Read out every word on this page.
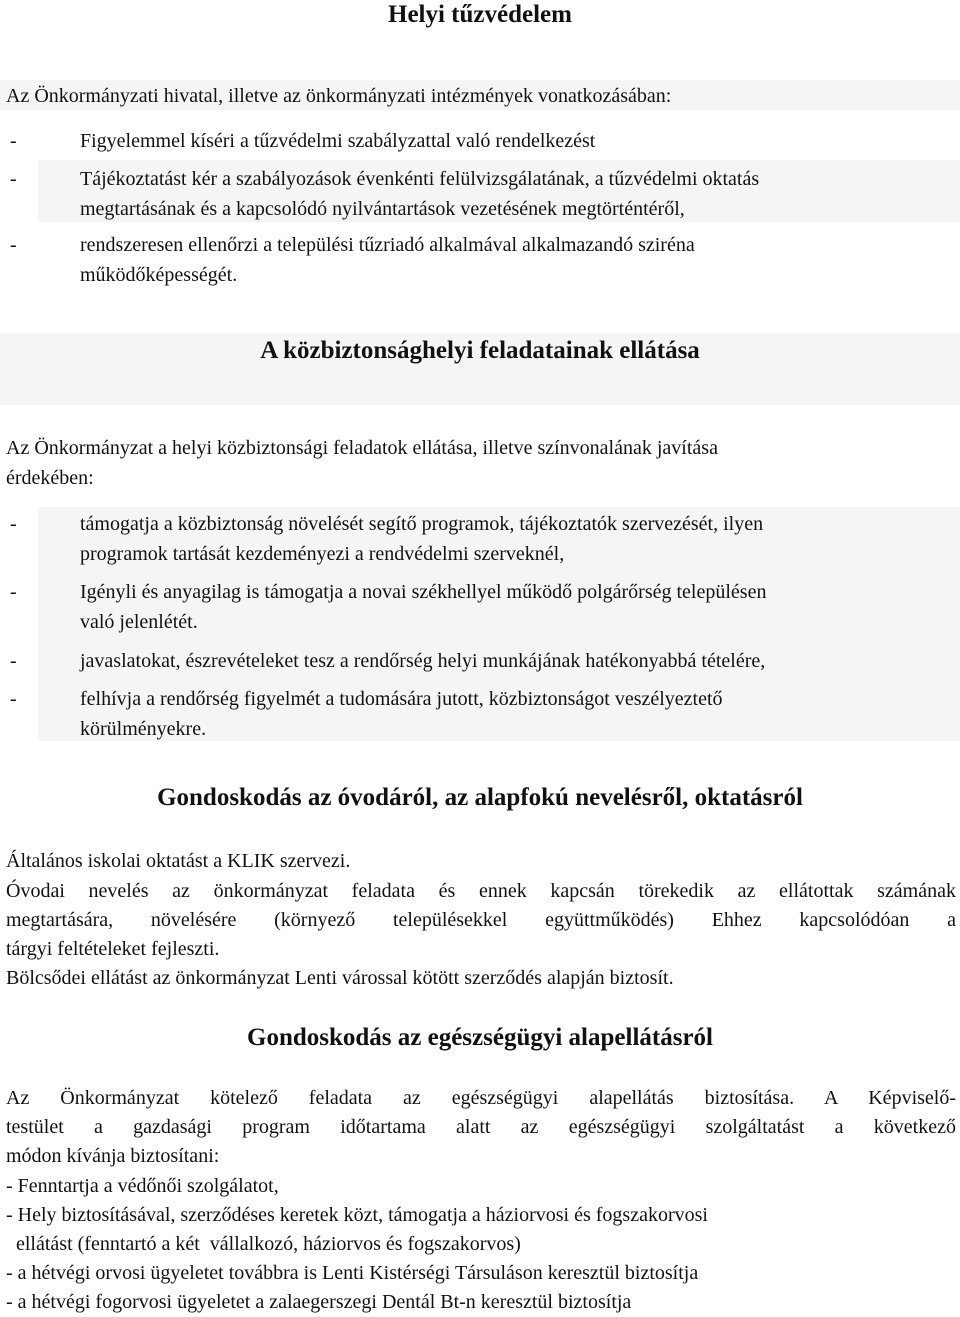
Helyi tűzvédelem
Az Önkormányzati hivatal, illetve az önkormányzati intézmények vonatkozásában:
-	Figyelemmel kíséri a tűzvédelmi szabályzattal való rendelkezést
-	Tájékoztatást kér a szabályozások évenkénti felülvizsgálatának, a tűzvédelmi oktatás
megtartásának és a kapcsolódó nyilvántartások vezetésének megtörténtéről,
-	rendszeresen ellenőrzi a települési tűzriadó alkalmával alkalmazandó sziréna
működőképességét.
A közbiztonsághelyi feladatainak ellátása
Az Önkormányzat a helyi közbiztonsági feladatok ellátása, illetve színvonalának javítása
érdekében:
-	támogatja a közbiztonság növelését segítő programok, tájékoztatók szervezését, ilyen
programok tartását kezdeményezi a rendvédelmi szerveknél,
-	Igényli és anyagilag is támogatja a novai székhellyel működő polgárőrség településen
való jelenlétét.
-	javaslatokat, észrevételeket tesz a rendőrség helyi munkájának hatékonyabbá tételére,
-	felhívja a rendőrség figyelmét a tudomására jutott, közbiztonságot veszélyeztető
körülményekre.
Gondoskodás az óvodáról, az alapfokú nevelésről, oktatásról
Általános iskolai oktatást a KLIK szervezi.
Óvodai nevelés az önkormányzat feladata és ennek kapcsán törekedik az ellátottak számának
megtartására, növelésére (környező településekkel együttműködés) Ehhez kapcsolódóan a
tárgyi feltételeket fejleszti.
Bölcsődei ellátást az önkormányzat Lenti várossal kötött szerződés alapján biztosít.
Gondoskodás az egészségügyi alapellátásról
Az Önkormányzat kötelező feladata az egészségügyi alapellátás biztosítása. A Képviselő-
testület a gazdasági program időtartama alatt az egészségügyi szolgáltatást a következő
módon kívánja biztosítani:
- Fenntartja a védőnői szolgálatot,
- Hely biztosításával, szerződéses keretek közt, támogatja a háziorvosi és fogszakorvosi
ellátást (fenntartó a két  vállalkozó, háziorvos és fogszakorvos)
- a hétvégi orvosi ügyeletet továbbra is Lenti Kistérségi Társuláson keresztül biztosítja
- a hétvégi fogorvosi ügyeletet a zalaegerszegi Dentál Bt-n keresztül biztosítja
